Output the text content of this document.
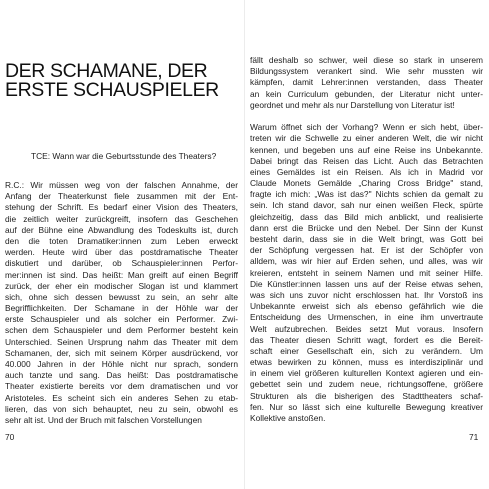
DER SCHAMANE, DER
ERSTE SCHAUSPIELER
TCE: Wann war die Geburtsstunde des Theaters?
R.C.: Wir müssen weg von der falschen Annahme, der
Anfang der Theaterkunst fiele zusammen mit der Ent-
stehung der Schrift. Es bedarf einer Vision des Theaters,
die zeitlich weiter zurückgreift, insofern das Geschehen
auf der Bühne eine Abwandlung des Todeskults ist, durch
den die toten Dramatiker:innen zum Leben erweckt
werden. Heute wird über das postdramatische Theater
diskutiert und darüber, ob Schauspieler:innen Perfor-
mer:innen ist sind. Das heißt: Man greift auf einen Begriff
zurück, der eher ein modischer Slogan ist und klammert
sich, ohne sich dessen bewusst zu sein, an sehr alte
Begrifflichkeiten. Der Schamane in der Höhle war der
erste Schauspieler und als solcher ein Performer. Zwi-
schen dem Schauspieler und dem Performer besteht kein
Unterschied. Seinen Ursprung nahm das Theater mit dem
Schamanen, der, sich mit seinem Körper ausdrückend, vor
40.000 Jahren in der Höhle nicht nur sprach, sondern
auch tanzte und sang. Das heißt: Das postdramatische
Theater existierte bereits vor dem dramatischen und vor
Aristoteles. Es scheint sich ein anderes Sehen zu etab-
lieren, das von sich behauptet, neu zu sein, obwohl es
sehr alt ist. Und der Bruch mit falschen Vorstellungen
70
fällt deshalb so schwer, weil diese so stark in unserem
Bildungssystem verankert sind. Wie sehr mussten wir
kämpfen, damit Lehrer:innen verstanden, dass Theater
an kein Curriculum gebunden, der Literatur nicht unter-
geordnet und mehr als nur Darstellung von Literatur ist!
Warum öffnet sich der Vorhang? Wenn er sich hebt, über-
treten wir die Schwelle zu einer anderen Welt, die wir nicht
kennen, und begeben uns auf eine Reise ins Unbekannte.
Dabei bringt das Reisen das Licht. Auch das Betrachten
eines Gemäldes ist ein Reisen. Als ich in Madrid vor
Claude Monets Gemälde „Charing Cross Bridge" stand,
fragte ich mich: „Was ist das?" Nichts schien da gemalt zu
sein. Ich stand davor, sah nur einen weißen Fleck, spürte
gleichzeitig, dass das Bild mich anblickt, und realisierte
dann erst die Brücke und den Nebel. Der Sinn der Kunst
besteht darin, dass sie in die Welt bringt, was Gott bei
der Schöpfung vergessen hat. Er ist der Schöpfer von
alldem, was wir hier auf Erden sehen, und alles, was wir
kreieren, entsteht in seinem Namen und mit seiner Hilfe.
Die Künstler:innen lassen uns auf der Reise etwas sehen,
was sich uns zuvor nicht erschlossen hat. Ihr Vorstoß ins
Unbekannte erweist sich als ebenso gefährlich wie die
Entscheidung des Urmenschen, in eine ihm unvertraute
Welt aufzubrechen. Beides setzt Mut voraus. Insofern
das Theater diesen Schritt wagt, fordert es die Bereit-
schaft einer Gesellschaft ein, sich zu verändern. Um
etwas bewirken zu können, muss es interdisziplinär und
in einem viel größeren kulturellen Kontext agieren und ein-
gebettet sein und zudem neue, richtungsoffene, größere
Strukturen als die bisherigen des Stadttheaters schaf-
fen. Nur so lässt sich eine kulturelle Bewegung kreativer
Kollektive anstoßen.
71
